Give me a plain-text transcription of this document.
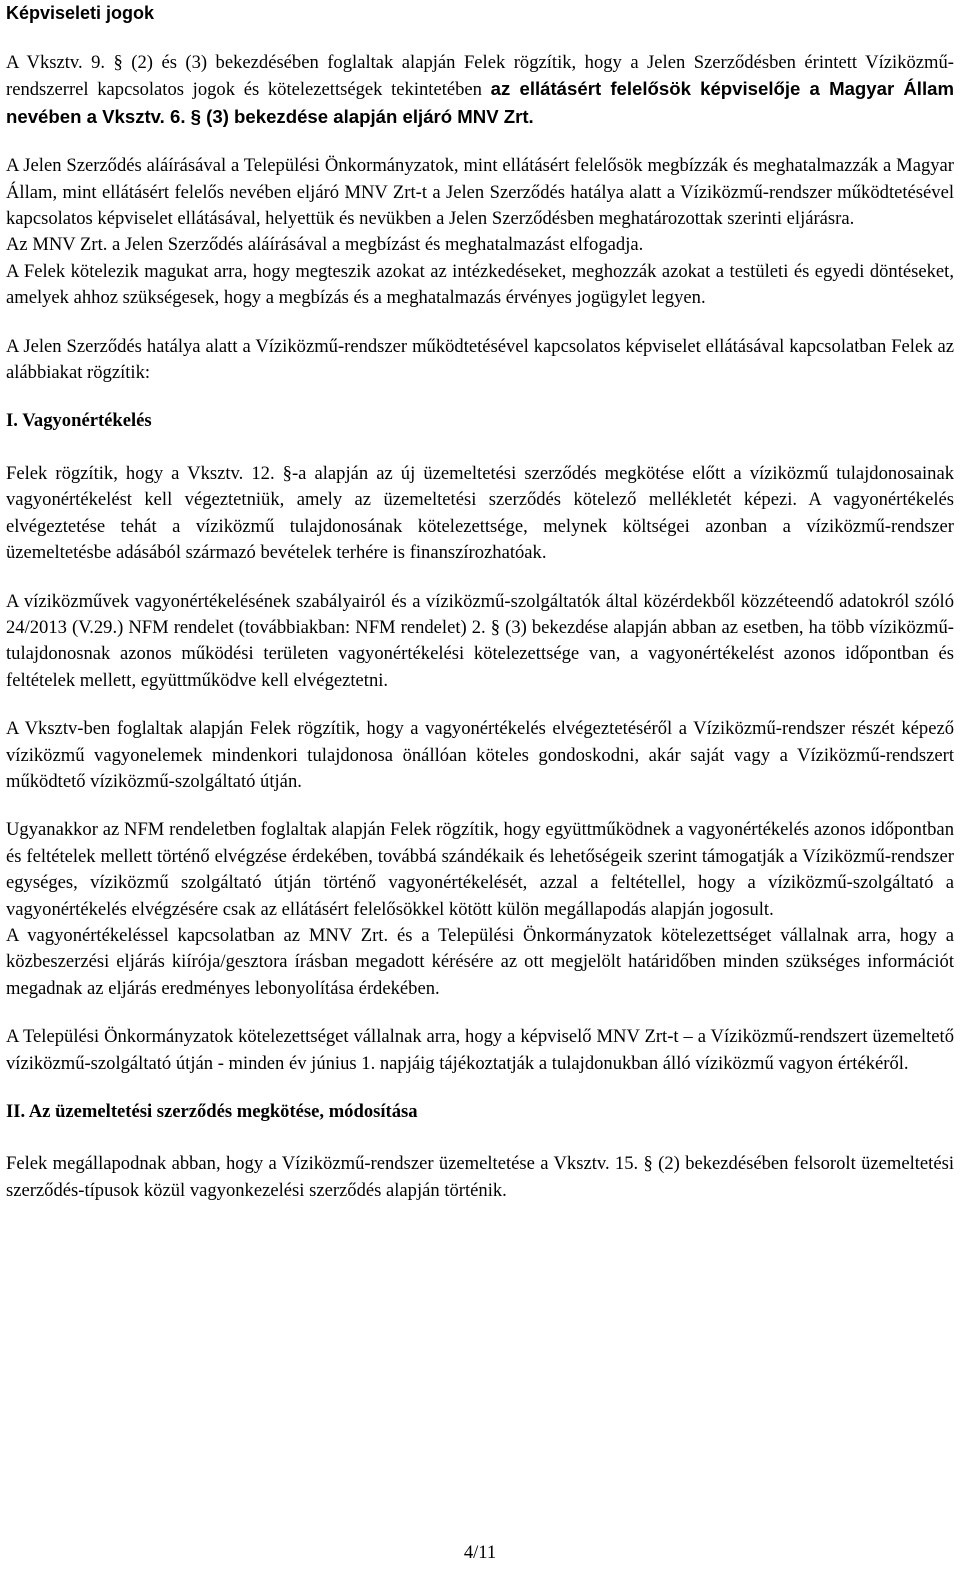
Képviseleti jogok

A Vksztv. 9. § (2) és (3) bekezdésében foglaltak alapján Felek rögzítik, hogy a Jelen Szerződésben érintett Víziközmű-rendszerrel kapcsolatos jogok és kötelezettségek tekintetében az ellátásért felelősök képviselője a Magyar Állam nevében a Vksztv. 6. § (3) bekezdése alapján eljáró MNV Zrt.

A Jelen Szerződés aláírásával a Települési Önkormányzatok, mint ellátásért felelősök megbízzák és meghatalmazzák a Magyar Állam, mint ellátásért felelős nevében eljáró MNV Zrt-t a Jelen Szerződés hatálya alatt a Víziközmű-rendszer működtetésével kapcsolatos képviselet ellátásával, helyettük és nevükben a Jelen Szerződésben meghatározottak szerinti eljárásra.

Az MNV Zrt. a Jelen Szerződés aláírásával a megbízást és meghatalmazást elfogadja.

A Felek kötelezik magukat arra, hogy megteszik azokat az intézkedéseket, meghozzák azokat a testületi és egyedi döntéseket, amelyek ahhoz szükségesek, hogy a megbízás és a meghatalmazás érvényes jogügylet legyen.

A Jelen Szerződés hatálya alatt a Víziközmű-rendszer működtetésével kapcsolatos képviselet ellátásával kapcsolatban Felek az alábbiakat rögzítik:

I. Vagyonértékelés

Felek rögzítik, hogy a Vksztv. 12. §-a alapján az új üzemeltetési szerződés megkötése előtt a víziközmű tulajdonosainak vagyonértékelést kell végeztetniük, amely az üzemeltetési szerződés kötelező mellékletét képezi. A vagyonértékelés elvégeztetése tehát a víziközmű tulajdonosának kötelezettsége, melynek költségei azonban a víziközmű-rendszer üzemeltetésbe adásából származó bevételek terhére is finanszírozhatóak.

A víziközművek vagyonértékelésének szabályairól és a víziközmű-szolgáltatók által közérdekből közzéteendő adatokról szóló 24/2013 (V.29.) NFM rendelet (továbbiakban: NFM rendelet) 2. § (3) bekezdése alapján abban az esetben, ha több víziközmű-tulajdonosnak azonos működési területen vagyonértékelési kötelezettsége van, a vagyonértékelést azonos időpontban és feltételek mellett, együttműködve kell elvégeztetni.

A Vksztv-ben foglaltak alapján Felek rögzítik, hogy a vagyonértékelés elvégeztetéséről a Víziközmű-rendszer részét képező víziközmű vagyonelemek mindenkori tulajdonosa önállóan köteles gondoskodni, akár saját vagy a Víziközmű-rendszert működtető víziközmű-szolgáltató útján.

Ugyanakkor az NFM rendeletben foglaltak alapján Felek rögzítik, hogy együttműködnek a vagyonértékelés azonos időpontban és feltételek mellett történő elvégzése érdekében, továbbá szándékaik és lehetőségeik szerint támogatják a Víziközmű-rendszer egységes, víziközmű szolgáltató útján történő vagyonértékelését, azzal a feltétellel, hogy a víziközmű-szolgáltató a vagyonértékelés elvégzésére csak az ellátásért felelősökkel kötött külön megállapodás alapján jogosult.

A vagyonértékeléssel kapcsolatban az MNV Zrt. és a Települési Önkormányzatok kötelezettséget vállalnak arra, hogy a közbeszerzési eljárás kiírója/gesztora írásban megadott kérésére az ott megjelölt határidőben minden szükséges információt megadnak az eljárás eredményes lebonyolítása érdekében.

A Települési Önkormányzatok kötelezettséget vállalnak arra, hogy a képviselő MNV Zrt-t – a Víziközmű-rendszert üzemeltető víziközmű-szolgáltató útján - minden év június 1. napjáig tájékoztatják a tulajdonukban álló víziközmű vagyon értékéről.

II. Az üzemeltetési szerződés megkötése, módosítása

Felek megállapodnak abban, hogy a Víziközmű-rendszer üzemeltetése a Vksztv. 15. § (2) bekezdésében felsorolt üzemeltetési szerződés-típusok közül vagyonkezelési szerződés alapján történik.

4/11
